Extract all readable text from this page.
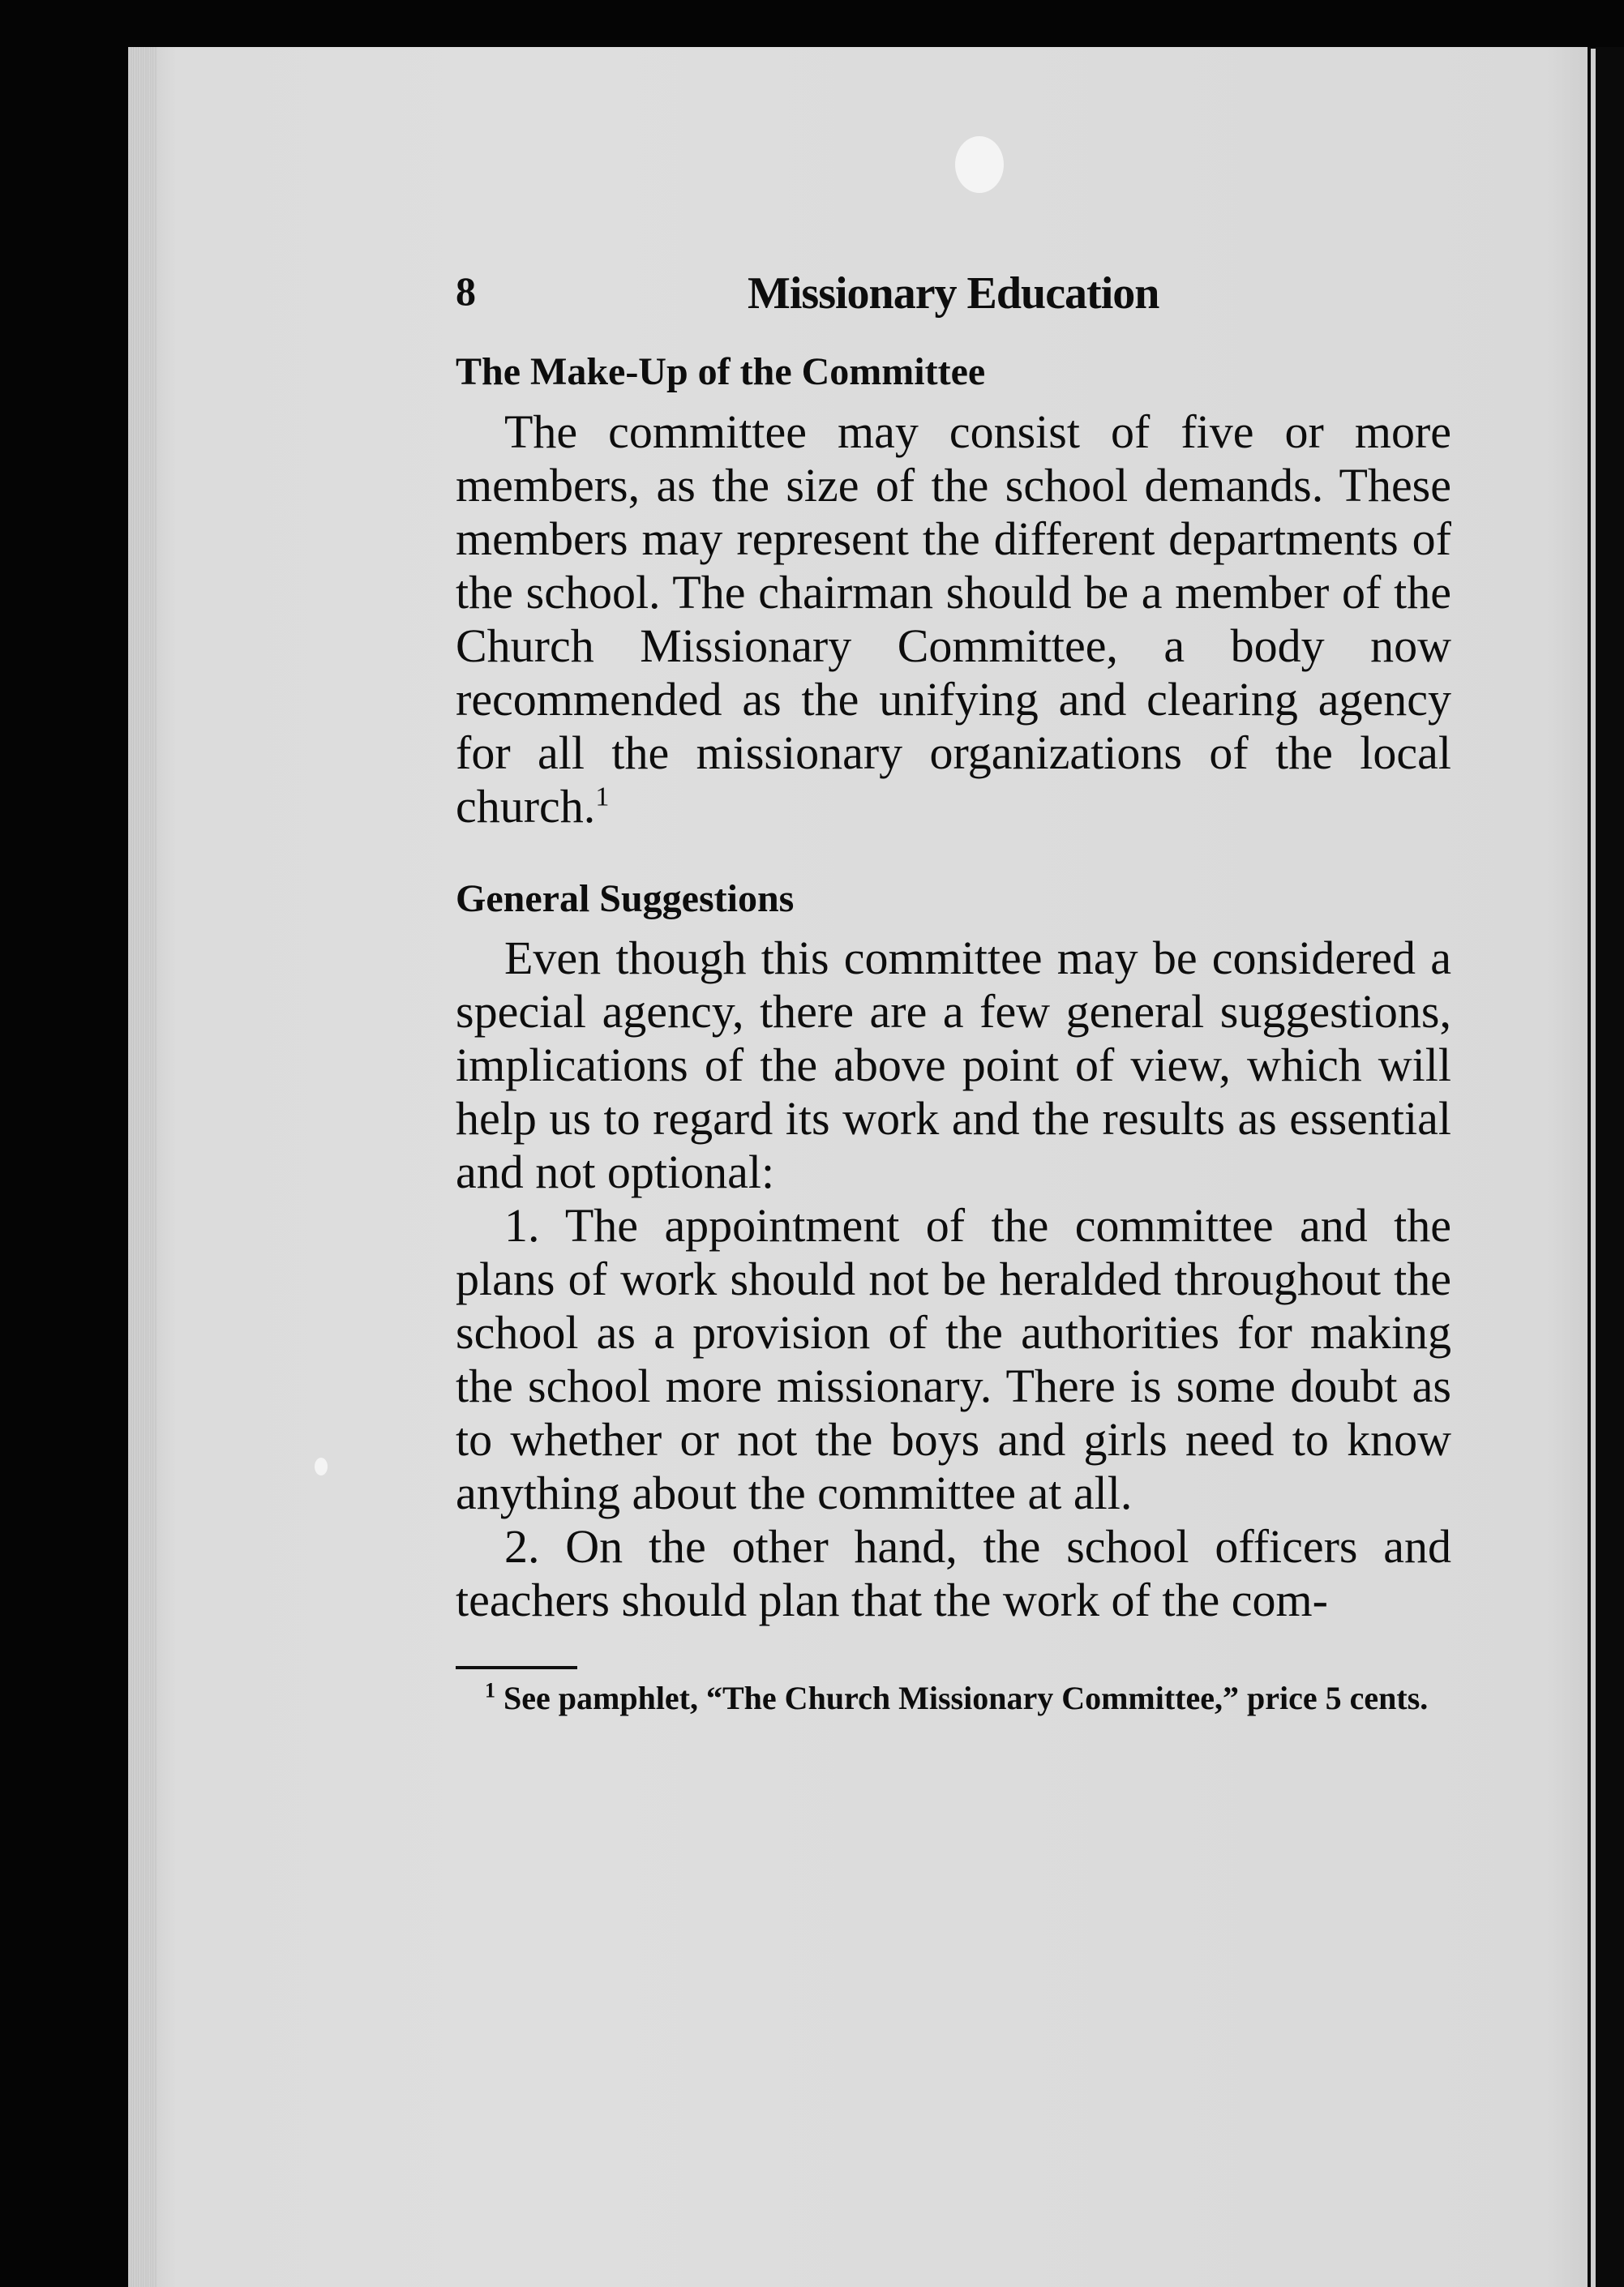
8	Missionary Education
The Make-Up of the Committee

The committee may consist of five or more members, as the size of the school demands. These members may represent the different departments of the school. The chairman should be a member of the Church Missionary Committee, a body now recommended as the unifying and clearing agency for all the missionary organizations of the local church.$^1$

General Suggestions

Even though this committee may be considered a special agency, there are a few general suggestions, implications of the above point of view, which will help us to regard its work and the results as essential and not optional:

1. The appointment of the committee and the plans of work should not be heralded throughout the school as a provision of the authorities for making the school more missionary. There is some doubt as to whether or not the boys and girls need to know anything about the committee at all.

2. On the other hand, the school officers and teachers should plan that the work of the com-

$^1$ See pamphlet, “The Church Missionary Committee,” price 5 cents.
